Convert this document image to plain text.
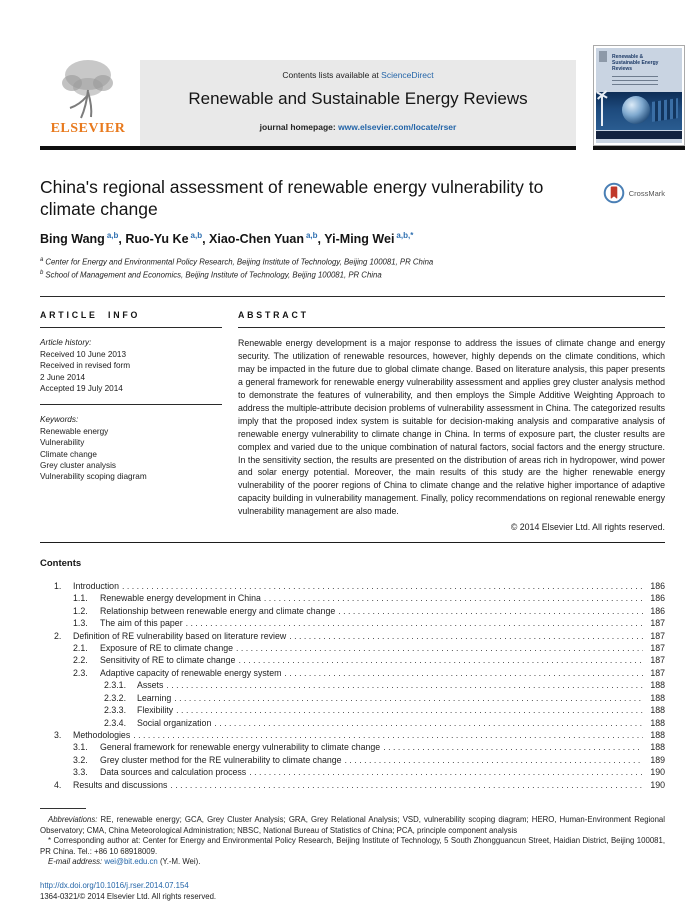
ELSEVIER
Contents lists available at ScienceDirect
Renewable and Sustainable Energy Reviews
journal homepage: www.elsevier.com/locate/rser
Renewable & Sustainable Energy Reviews
China's regional assessment of renewable energy vulnerability to climate change
CrossMark
Bing Wang $^{a,b}$, Ruo-Yu Ke $^{a,b}$, Xiao-Chen Yuan $^{a,b}$, Yi-Ming Wei $^{a,b,*}$
$^a$ Center for Energy and Environmental Policy Research, Beijing Institute of Technology, Beijing 100081, PR China
$^b$ School of Management and Economics, Beijing Institute of Technology, Beijing 100081, PR China
ARTICLE INFO
Article history:
Received 10 June 2013
Received in revised form
2 June 2014
Accepted 19 July 2014
Keywords:
Renewable energy
Vulnerability
Climate change
Grey cluster analysis
Vulnerability scoping diagram
ABSTRACT
Renewable energy development is a major response to address the issues of climate change and energy security. The utilization of renewable resources, however, highly depends on the climate conditions, which may be impacted in the future due to global climate change. Based on literature analysis, this paper presents a general framework for renewable energy vulnerability assessment and applies grey cluster analysis method to demonstrate the features of vulnerability, and then employs the Simple Additive Weighting Approach to address the multiple-attribute decision problems of vulnerability assessment in China. The categorized results imply that the proposed index system is suitable for decision-making analysis and comparative analysis of renewable energy vulnerability to climate change in China. In terms of exposure part, the cluster results are complex and varied due to the unique combination of natural factors, social factors and the energy structure. In the sensitivity section, the results are presented on the distribution of areas rich in hydropower, wind power and solar energy potential. Moreover, the main results of this study are the higher renewable energy vulnerability of the poorer regions of China to climate change and the relative higher importance of adaptive capacity building in vulnerability management. Finally, policy recommendations on regional renewable energy vulnerability management are also made.
© 2014 Elsevier Ltd. All rights reserved.
Contents
1.	Introduction . . .	186
1.1.	Renewable energy development in China . . .	186
1.2.	Relationship between renewable energy and climate change . . .	186
1.3.	The aim of this paper . . .	187
2.	Definition of RE vulnerability based on literature review . . .	187
2.1.	Exposure of RE to climate change . . .	187
2.2.	Sensitivity of RE to climate change . . .	187
2.3.	Adaptive capacity of renewable energy system . . .	187
2.3.1.	Assets . . .	188
2.3.2.	Learning . . .	188
2.3.3.	Flexibility . . .	188
2.3.4.	Social organization . . .	188
3.	Methodologies . . .	188
3.1.	General framework for renewable energy vulnerability to climate change . . .	188
3.2.	Grey cluster method for the RE vulnerability to climate change . . .	189
3.3.	Data sources and calculation process . . .	190
4.	Results and discussions . . .	190

Abbreviations: RE, renewable energy; GCA, Grey Cluster Analysis; GRA, Grey Relational Analysis; VSD, vulnerability scoping diagram; HERO, Human-Environment Regional Observatory; CMA, China Meteorological Administration; NBSC, National Bureau of Statistics of China; PCA, principle component analysis

* Corresponding author at: Center for Energy and Environmental Policy Research, Beijing Institute of Technology, 5 South Zhongguancun Street, Haidian District, Beijing 100081, PR China. Tel.: +86 10 68918009.

E-mail address: wei@bit.edu.cn (Y.-M. Wei).

http://dx.doi.org/10.1016/j.rser.2014.07.154
1364-0321/© 2014 Elsevier Ltd. All rights reserved.
